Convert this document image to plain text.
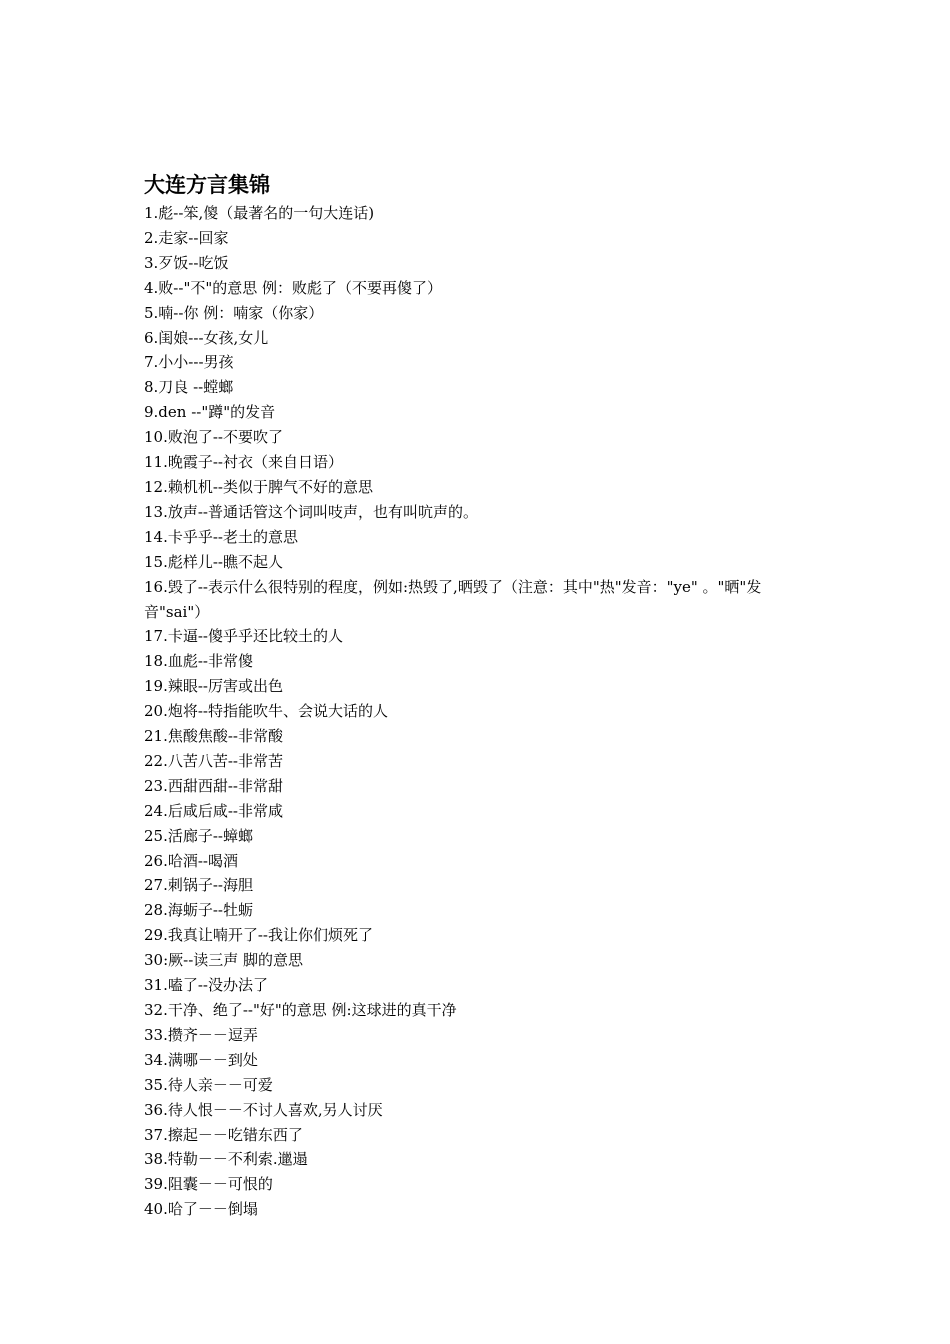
大连方言集锦
1.彪--笨,傻（最著名的一句大连话)
2.走家--回家
3.歹饭--吃饭
4.败--"不"的意思 例：败彪了（不要再傻了）
5.喃--你 例：喃家（你家）
6.闺娘---女孩,女儿
7.小小---男孩
8.刀良 --螳螂
9.den --"蹲"的发音
10.败泡了--不要吹了
11.晚霞子--衬衣（来自日语）
12.赖机机--类似于脾气不好的意思
13.放声--普通话管这个词叫吱声，也有叫吭声的。
14.卡乎乎--老土的意思
15.彪样儿--瞧不起人
16.毁了--表示什么很特别的程度，例如:热毁了,晒毁了（注意：其中"热"发音："ye" 。"晒"发音"sai"）
17.卡逼--傻乎乎还比较土的人
18.血彪--非常傻
19.辣眼--厉害或出色
20.炮将--特指能吹牛、会说大话的人
21.焦酸焦酸--非常酸
22.八苦八苦--非常苦
23.西甜西甜--非常甜
24.后咸后咸--非常咸
25.活廊子--蟑螂
26.哈酒--喝酒
27.刺锅子--海胆
28.海蛎子--牡蛎
29.我真让喃开了--我让你们烦死了
30:厥--读三声 脚的意思
31.嗑了--没办法了
32.干净、绝了--"好"的意思 例:这球进的真干净
33.攒齐－－逗弄
34.满哪－－到处
35.待人亲－－可爱
36.待人恨－－不讨人喜欢,另人讨厌
37.擦起－－吃错东西了
38.特勒－－不利索.邋遢
39.阻囊－－可恨的
40.哈了－－倒塌
